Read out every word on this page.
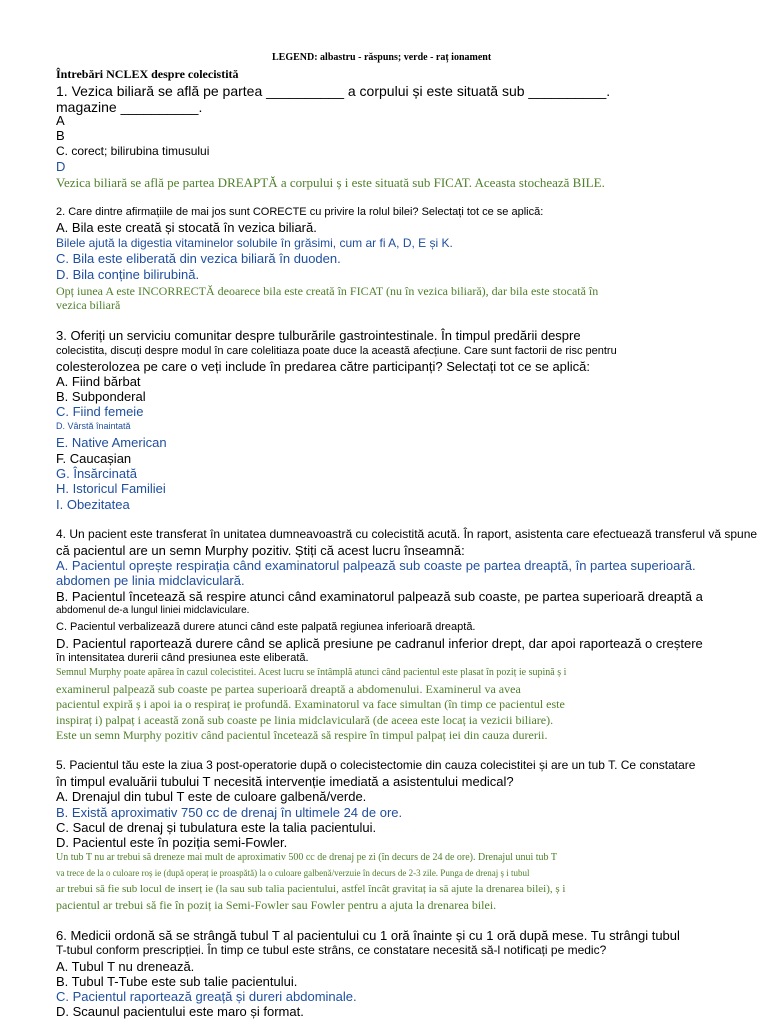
LEGEND: albastru - răspuns; verde - raț ionament
Întrebări NCLEX despre colecistită
1. Vezica biliară se află pe partea __________ a corpului și este situată sub __________.
magazine __________.
A
B
C. corect; bilirubina timusului
D
Vezica biliară se află pe partea DREAPTĂ a corpului ș i este situată sub FICAT. Aceasta stochează BILE.
2. Care dintre afirmațiile de mai jos sunt CORECTE cu privire la rolul bilei? Selectați tot ce se aplică:
A. Bila este creată și stocată în vezica biliară.
Bilele ajută la digestia vitaminelor solubile în grăsimi, cum ar fi A, D, E și K.
C. Bila este eliberată din vezica biliară în duoden.
D. Bila conține bilirubină.
Opț iunea A este INCORRECTĂ deoarece bila este creată în FICAT (nu în vezica biliară), dar bila este stocată în
vezica biliară
3. Oferiți un serviciu comunitar despre tulburările gastrointestinale. În timpul predării despre
colecistita, discuți despre modul în care colelitiaza poate duce la această afecțiune. Care sunt factorii de risc pentru
colesterolozea pe care o veți include în predarea către participanți? Selectați tot ce se aplică:
A. Fiind bărbat
B. Subponderal
C. Fiind femeie
D. Vârstă înaintată
E. Native American
F. Caucașian
G. Însărcinată
H. Istoricul Familiei
I. Obezitatea
4. Un pacient este transferat în unitatea dumneavoastră cu colecistită acută. În raport, asistenta care efectuează transferul vă spune
că pacientul are un semn Murphy pozitiv. Știți că acest lucru înseamnă:
A. Pacientul oprește respirația când examinatorul palpează sub coaste pe partea dreaptă, în partea superioară.
abdomen pe linia midclaviculară.
B. Pacientul încetează să respire atunci când examinatorul palpează sub coaste, pe partea superioară dreaptă a
abdomenul de-a lungul liniei midclaviculare.
C. Pacientul verbalizează durere atunci când este palpată regiunea inferioară dreaptă.
D. Pacientul raportează durere când se aplică presiune pe cadranul inferior drept, dar apoi raportează o creștere
în intensitatea durerii când presiunea este eliberată.
Semnul Murphy poate apărea în cazul colecistitei. Acest lucru se întâmplă atunci când pacientul este plasat în poziț ie supină ș i
examinerul palpează sub coaste pe partea superioară dreaptă a abdomenului. Examinerul va avea
pacientul expiră ș i apoi ia o respiraț ie profundă. Examinatorul va face simultan (în timp ce pacientul este
inspiraț i) palpaț i această zonă sub coaste pe linia midclaviculară (de aceea este locaț ia vezicii biliare).
Este un semn Murphy pozitiv când pacientul încetează să respire în timpul palpaț iei din cauza durerii.
5. Pacientul tău este la ziua 3 post-operatorie după o colecistectomie din cauza colecistitei și are un tub T. Ce constatare
în timpul evaluării tubului T necesită intervenție imediată a asistentului medical?
A. Drenajul din tubul T este de culoare galbenă/verde.
B. Există aproximativ 750 cc de drenaj în ultimele 24 de ore.
C. Sacul de drenaj și tubulatura este la talia pacientului.
D. Pacientul este în poziția semi-Fowler.
Un tub T nu ar trebui să dreneze mai mult de aproximativ 500 cc de drenaj pe zi (în decurs de 24 de ore). Drenajul unui tub T
va trece de la o culoare roș ie (după operaț ie proaspătă) la o culoare galbenă/verzuie în decurs de 2-3 zile. Punga de drenaj ș i tubul
ar trebui să fie sub locul de inserț ie (la sau sub talia pacientului, astfel încât gravitaț ia să ajute la drenarea bilei), ș i
pacientul ar trebui să fie în poziț ia Semi-Fowler sau Fowler pentru a ajuta la drenarea bilei.
6. Medicii ordonă să se strângă tubul T al pacientului cu 1 oră înainte și cu 1 oră după mese. Tu strângi tubul
T-tubul conform prescripției. În timp ce tubul este strâns, ce constatare necesită să-l notificați pe medic?
A. Tubul T nu drenează.
B. Tubul T-Tube este sub talie pacientului.
C. Pacientul raportează greață și dureri abdominale.
D. Scaunul pacientului este maro și format.
